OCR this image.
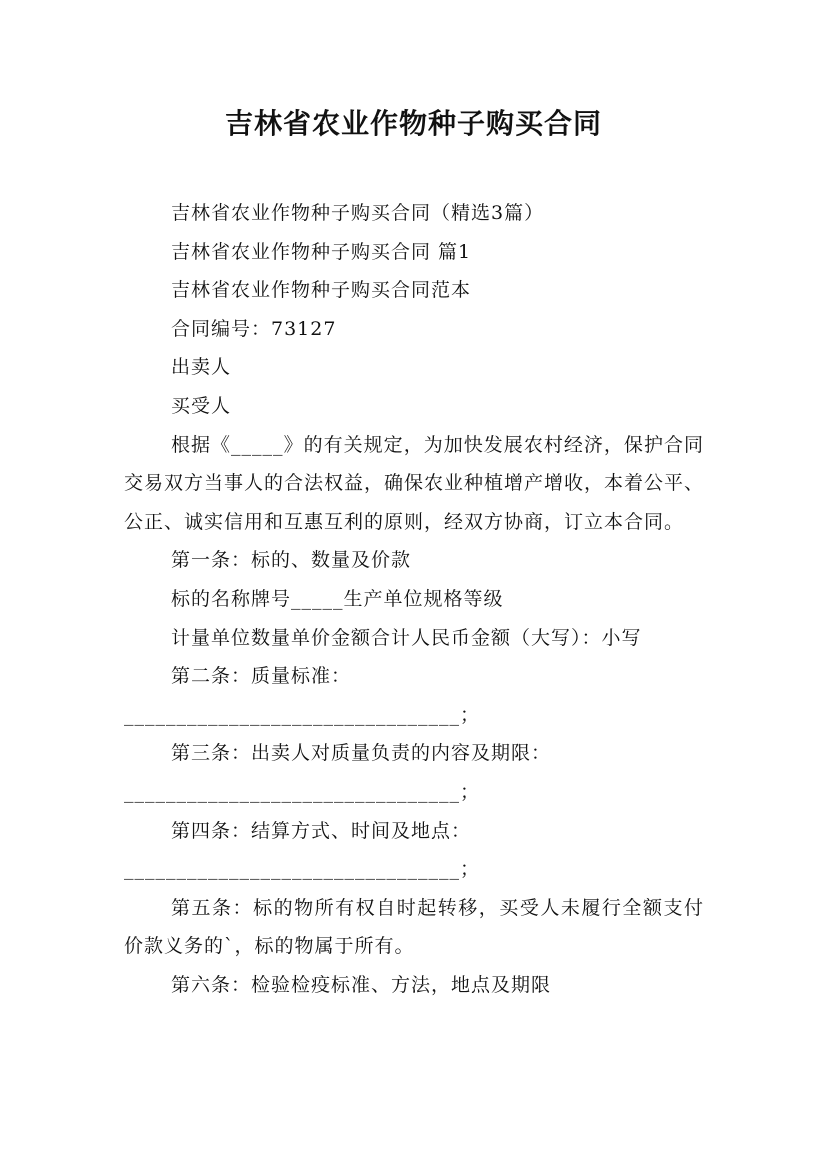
吉林省农业作物种子购买合同

吉林省农业作物种子购买合同（精选3篇）

吉林省农业作物种子购买合同 篇1

吉林省农业作物种子购买合同范本

合同编号：73127

出卖人

买受人

根据《_____》的有关规定，为加快发展农村经济，保护合同交易双方当事人的合法权益，确保农业种植增产增收，本着公平、公正、诚实信用和互惠互利的原则，经双方协商，订立本合同。

第一条：标的、数量及价款

标的名称牌号_____生产单位规格等级

计量单位数量单价金额合计人民币金额（大写）：小写

第二条：质量标准：

________________________________；

第三条：出卖人对质量负责的内容及期限：

________________________________；

第四条：结算方式、时间及地点：

________________________________；

第五条：标的物所有权自时起转移，买受人未履行全额支付价款义务的`，标的物属于所有。

第六条：检验检疫标准、方法，地点及期限
